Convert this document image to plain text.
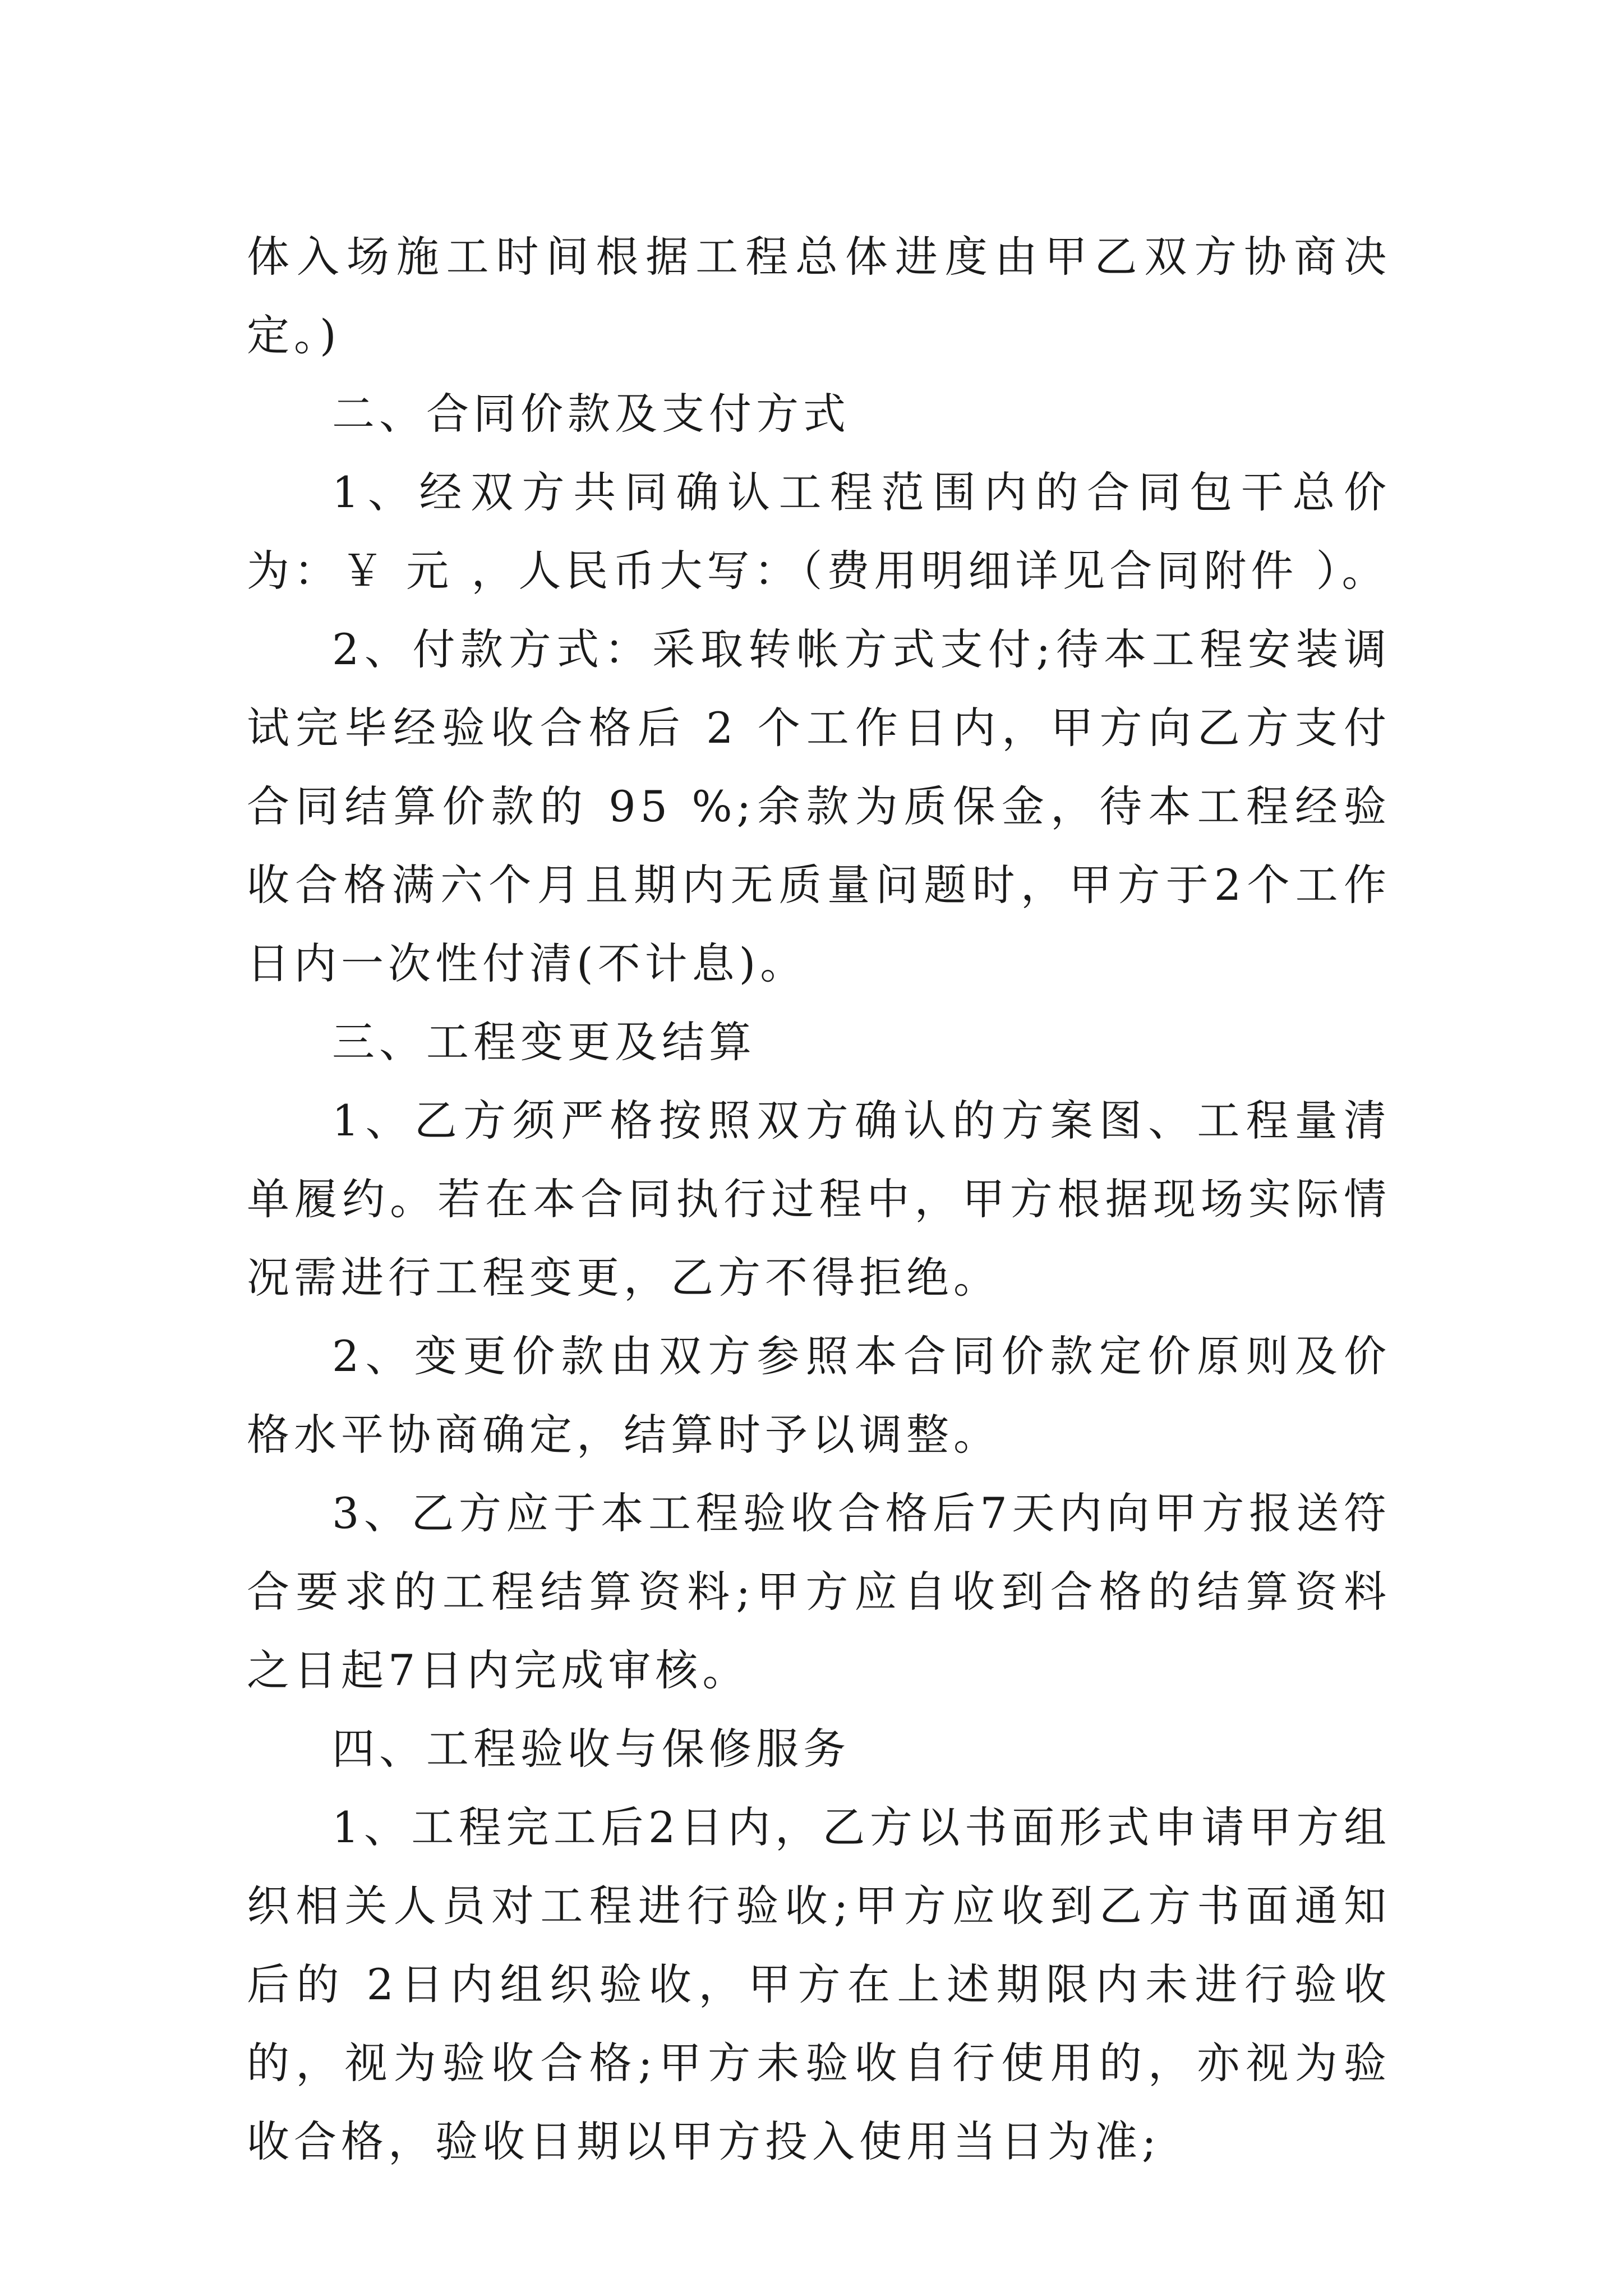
体入场施工时间根据工程总体进度由甲乙双方协商决定。)

二、合同价款及支付方式

1、经双方共同确认工程范围内的合同包干总价为：￥ 元 ，人民币大写：（费用明细详见合同附件 ）。

2、付款方式：采取转帐方式支付;待本工程安装调试完毕经验收合格后 2 个工作日内，甲方向乙方支付合同结算价款的 95 %;余款为质保金，待本工程经验收合格满六个月且期内无质量问题时，甲方于2个工作日内一次性付清(不计息)。

三、工程变更及结算

1、乙方须严格按照双方确认的方案图、工程量清单履约。若在本合同执行过程中，甲方根据现场实际情况需进行工程变更，乙方不得拒绝。

2、变更价款由双方参照本合同价款定价原则及价格水平协商确定，结算时予以调整。

3、乙方应于本工程验收合格后7天内向甲方报送符合要求的工程结算资料;甲方应自收到合格的结算资料之日起7日内完成审核。

四、工程验收与保修服务

1、工程完工后2日内，乙方以书面形式申请甲方组织相关人员对工程进行验收;甲方应收到乙方书面通知后的 2日内组织验收，甲方在上述期限内未进行验收的，视为验收合格;甲方未验收自行使用的，亦视为验收合格，验收日期以甲方投入使用当日为准;
